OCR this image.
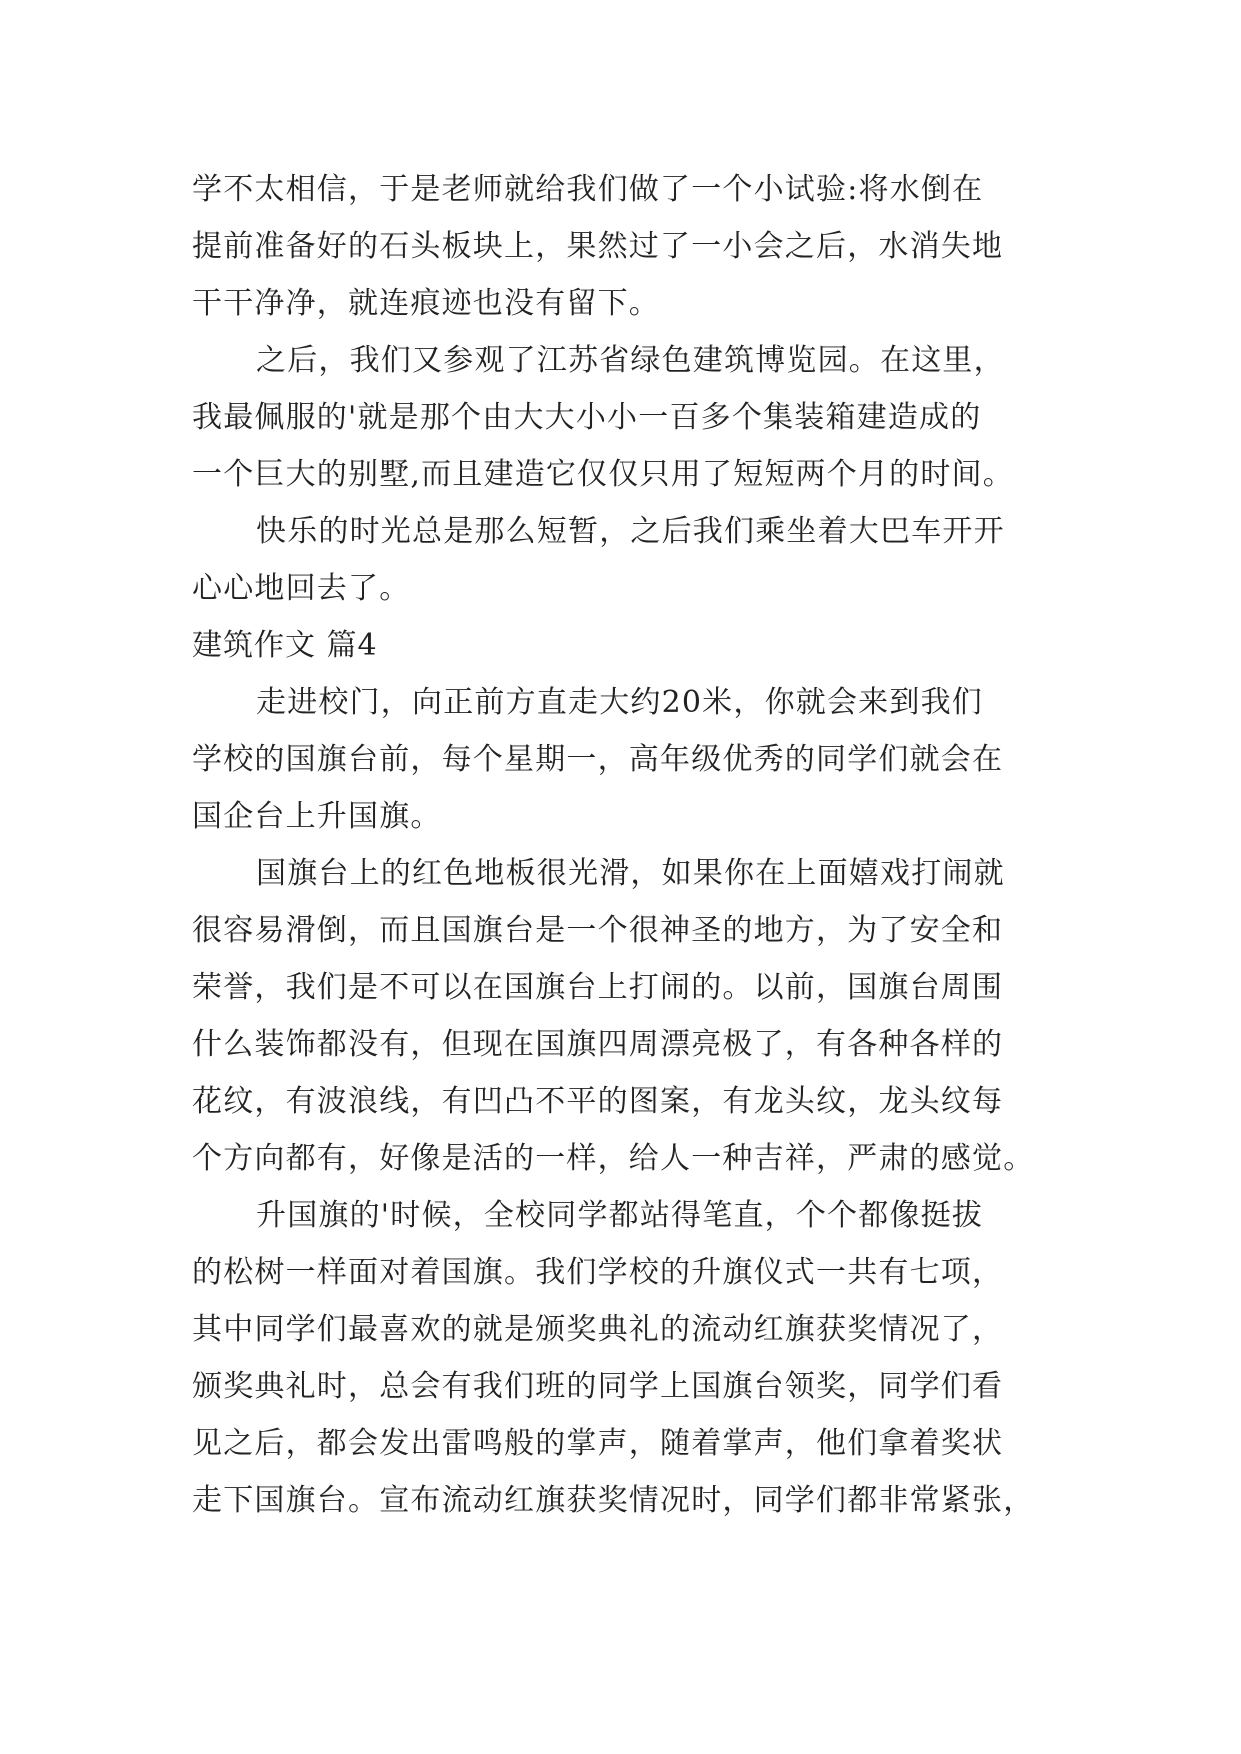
学不太相信，于是老师就给我们做了一个小试验:将水倒在
提前准备好的石头板块上，果然过了一小会之后，水消失地
干干净净，就连痕迹也没有留下。
之后，我们又参观了江苏省绿色建筑博览园。在这里，
我最佩服的'就是那个由大大小小一百多个集装箱建造成的
一个巨大的别墅,而且建造它仅仅只用了短短两个月的时间。
快乐的时光总是那么短暂，之后我们乘坐着大巴车开开
心心地回去了。
建筑作文 篇4
走进校门，向正前方直走大约20米，你就会来到我们
学校的国旗台前，每个星期一，高年级优秀的同学们就会在
国企台上升国旗。
国旗台上的红色地板很光滑，如果你在上面嬉戏打闹就
很容易滑倒，而且国旗台是一个很神圣的地方，为了安全和
荣誉，我们是不可以在国旗台上打闹的。以前，国旗台周围
什么装饰都没有，但现在国旗四周漂亮极了，有各种各样的
花纹，有波浪线，有凹凸不平的图案，有龙头纹，龙头纹每
个方向都有，好像是活的一样，给人一种吉祥，严肃的感觉。
升国旗的'时候，全校同学都站得笔直，个个都像挺拔
的松树一样面对着国旗。我们学校的升旗仪式一共有七项，
其中同学们最喜欢的就是颁奖典礼的流动红旗获奖情况了，
颁奖典礼时，总会有我们班的同学上国旗台领奖，同学们看
见之后，都会发出雷鸣般的掌声，随着掌声，他们拿着奖状
走下国旗台。宣布流动红旗获奖情况时，同学们都非常紧张，
